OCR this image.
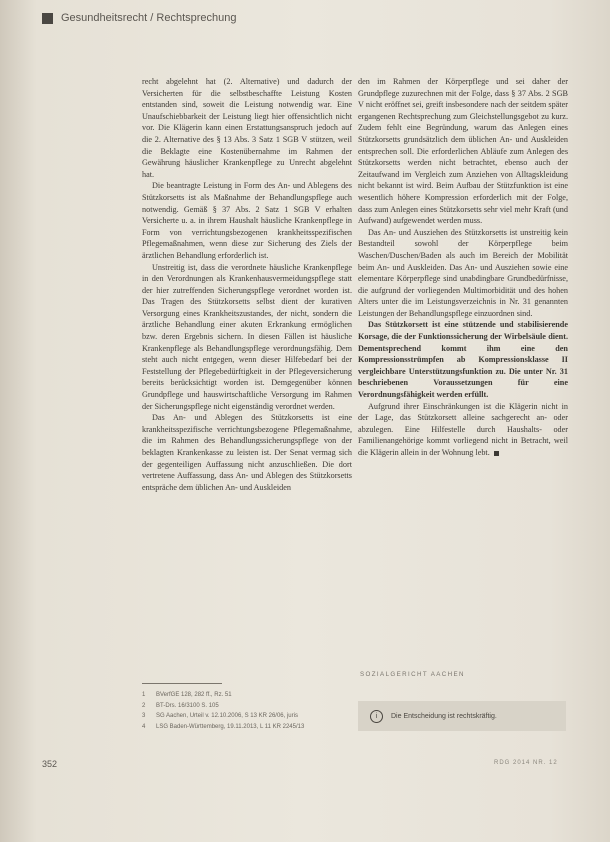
Gesundheitsrecht / Rechtsprechung

recht abgelehnt hat (2. Alternative) und dadurch der Versicherten für die selbstbeschaffte Leistung Kosten entstanden sind, soweit die Leistung notwendig war. Eine Unaufschiebbarkeit der Leistung liegt hier offensichtlich nicht vor. Die Klägerin kann einen Erstattungsanspruch jedoch auf die 2. Alternative des § 13 Abs. 3 Satz 1 SGB V stützen, weil die Beklagte eine Kostenübernahme im Rahmen der Gewährung häuslicher Krankenpflege zu Unrecht abgelehnt hat.

Die beantragte Leistung in Form des An- und Ablegens des Stützkorsetts ist als Maßnahme der Behandlungspflege auch notwendig. Gemäß § 37 Abs. 2 Satz 1 SGB V erhalten Versicherte u. a. in ihrem Haushalt häusliche Krankenpflege in Form von verrichtungsbezogenen krankheitsspezifischen Pflegemaßnahmen, wenn diese zur Sicherung des Ziels der ärztlichen Behandlung erforderlich ist.

Unstreitig ist, dass die verordnete häusliche Krankenpflege in den Verordnungen als Krankenhausvermeidungspflege statt der hier zutreffenden Sicherungspflege verordnet worden ist. Das Tragen des Stützkorsetts selbst dient der kurativen Versorgung eines Krankheitszustandes, der nicht, sondern die ärztliche Behandlung einer akuten Erkrankung ermöglichen bzw. deren Ergebnis sichern. In diesen Fällen ist häusliche Krankenpflege als Behandlungspflege verordnungsfähig. Dem steht auch nicht entgegen, wenn dieser Hilfebedarf bei der Feststellung der Pflegebedürftigkeit in der Pflegeversicherung bereits berücksichtigt worden ist. Demgegenüber können Grundpflege und hauswirtschaftliche Versorgung im Rahmen der Sicherungspflege nicht eigenständig verordnet werden.

Das An- und Ablegen des Stützkorsetts ist eine krankheitsspezifische verrichtungsbezogene Pflegemaßnahme, die im Rahmen des Behandlungssicherungspflege von der beklagten Krankenkasse zu leisten ist. Der Senat vermag sich der gegenteiligen Auffassung nicht anzuschließen. Die dort vertretene Auffassung, dass An- und Ablegen des Stützkorsetts entspräche dem üblichen An- und Auskleiden

den im Rahmen der Körperpflege und sei daher der Grundpflege zuzurechnen mit der Folge, dass § 37 Abs. 2 SGB V nicht eröffnet sei, greift insbesondere nach der seitdem später ergangenen Rechtsprechung zum Gleichstellungsgebot zu kurz. Zudem fehlt eine Begründung, warum das Anlegen eines Stützkorsetts grundsätzlich dem üblichen An- und Auskleiden entsprechen soll. Die erforderlichen Abläufe zum Anlegen des Stützkorsetts werden nicht betrachtet, ebenso auch der Zeitaufwand im Vergleich zum Anziehen von Alltagskleidung nicht bekannt ist wird. Beim Aufbau der Stützfunktion ist eine wesentlich höhere Kompression erforderlich mit der Folge, dass zum Anlegen eines Stützkorsetts sehr viel mehr Kraft (und Aufwand) aufgewendet werden muss.

Das An- und Ausziehen des Stützkorsetts ist unstreitig kein Bestandteil sowohl der Körperpflege beim Waschen/Duschen/Baden als auch im Bereich der Mobilität beim An- und Auskleiden. Das An- und Ausziehen sowie eine elementare Körperpflege sind unabdingbare Grundbedürfnisse, die aufgrund der vorliegenden Multimorbidität und des hohen Alters unter die im Leistungsverzeichnis in Nr. 31 genannten Leistungen der Behandlungspflege einzuordnen sind.

Das Stützkorsett ist eine stützende und stabilisierende Korsage, die der Funktionssicherung der Wirbelsäule dient. Dementsprechend kommt ihm eine den Kompressionsstrümpfen ab Kompressionsklasse II vergleichbare Unterstützungsfunktion zu. Die unter Nr. 31 beschriebenen Voraussetzungen für eine Verordnungsfähigkeit werden erfüllt.

Aufgrund ihrer Einschränkungen ist die Klägerin nicht in der Lage, das Stützkorsett alleine sachgerecht an- oder abzulegen. Eine Hilfestelle durch Haushalts- oder Familienangehörige kommt vorliegend nicht in Betracht, weil die Klägerin allein in der Wohnung lebt.

1	BVerfGE 128, 282 ff., Rz. 51
2	BT-Drs. 16/3100 S. 105
3	SG Aachen, Urteil v. 12.10.2006, S 13 KR 26/06, juris
4	LSG Baden-Württemberg, 19.11.2013, L 11 KR 2245/13
SOZIALGERICHT AACHEN
i	Die Entscheidung ist rechtskräftig.
352	RDG 2014 NR. 12
